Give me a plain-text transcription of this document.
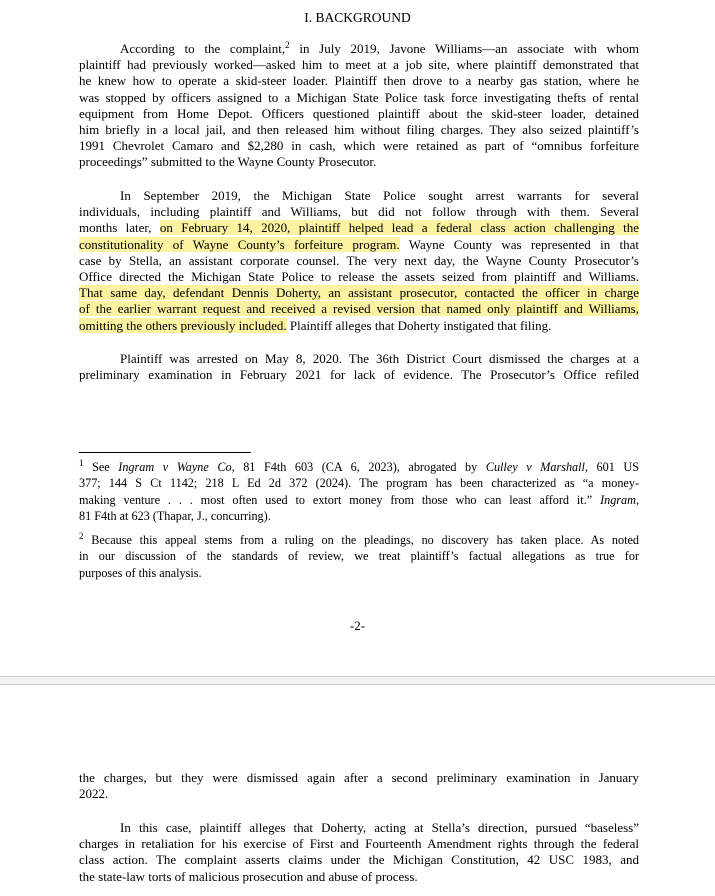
I. BACKGROUND
According to the complaint,$^2$ in July 2019, Javone Williams—an associate with whom
plaintiff had previously worked—asked him to meet at a job site, where plaintiff demonstrated that
he knew how to operate a skid-steer loader. Plaintiff then drove to a nearby gas station, where he
was stopped by officers assigned to a Michigan State Police task force investigating thefts of rental
equipment from Home Depot. Officers questioned plaintiff about the skid-steer loader, detained
him briefly in a local jail, and then released him without filing charges. They also seized plaintiff’s
1991 Chevrolet Camaro and $2,280 in cash, which were retained as part of “omnibus forfeiture
proceedings” submitted to the Wayne County Prosecutor.
In September 2019, the Michigan State Police sought arrest warrants for several
individuals, including plaintiff and Williams, but did not follow through with them. Several
months later, on February 14, 2020, plaintiff helped lead a federal class action challenging the
constitutionality of Wayne County’s forfeiture program. Wayne County was represented in that
case by Stella, an assistant corporate counsel. The very next day, the Wayne County Prosecutor’s
Office directed the Michigan State Police to release the assets seized from plaintiff and Williams.
That same day, defendant Dennis Doherty, an assistant prosecutor, contacted the officer in charge
of the earlier warrant request and received a revised version that named only plaintiff and Williams,
omitting the others previously included. Plaintiff alleges that Doherty instigated that filing.
Plaintiff was arrested on May 8, 2020. The 36th District Court dismissed the charges at a
preliminary examination in February 2021 for lack of evidence. The Prosecutor’s Office refiled
$^1$ See Ingram v Wayne Co, 81 F4th 603 (CA 6, 2023), abrogated by Culley v Marshall, 601 US
377; 144 S Ct 1142; 218 L Ed 2d 372 (2024). The program has been characterized as “a money-
making venture . . . most often used to extort money from those who can least afford it.” Ingram,
81 F4th at 623 (Thapar, J., concurring).
$^2$ Because this appeal stems from a ruling on the pleadings, no discovery has taken place. As noted
in our discussion of the standards of review, we treat plaintiff’s factual allegations as true for
purposes of this analysis.
-2-
the charges, but they were dismissed again after a second preliminary examination in January
2022.
In this case, plaintiff alleges that Doherty, acting at Stella’s direction, pursued “baseless”
charges in retaliation for his exercise of First and Fourteenth Amendment rights through the federal
class action. The complaint asserts claims under the Michigan Constitution, 42 USC 1983, and
the state-law torts of malicious prosecution and abuse of process.
